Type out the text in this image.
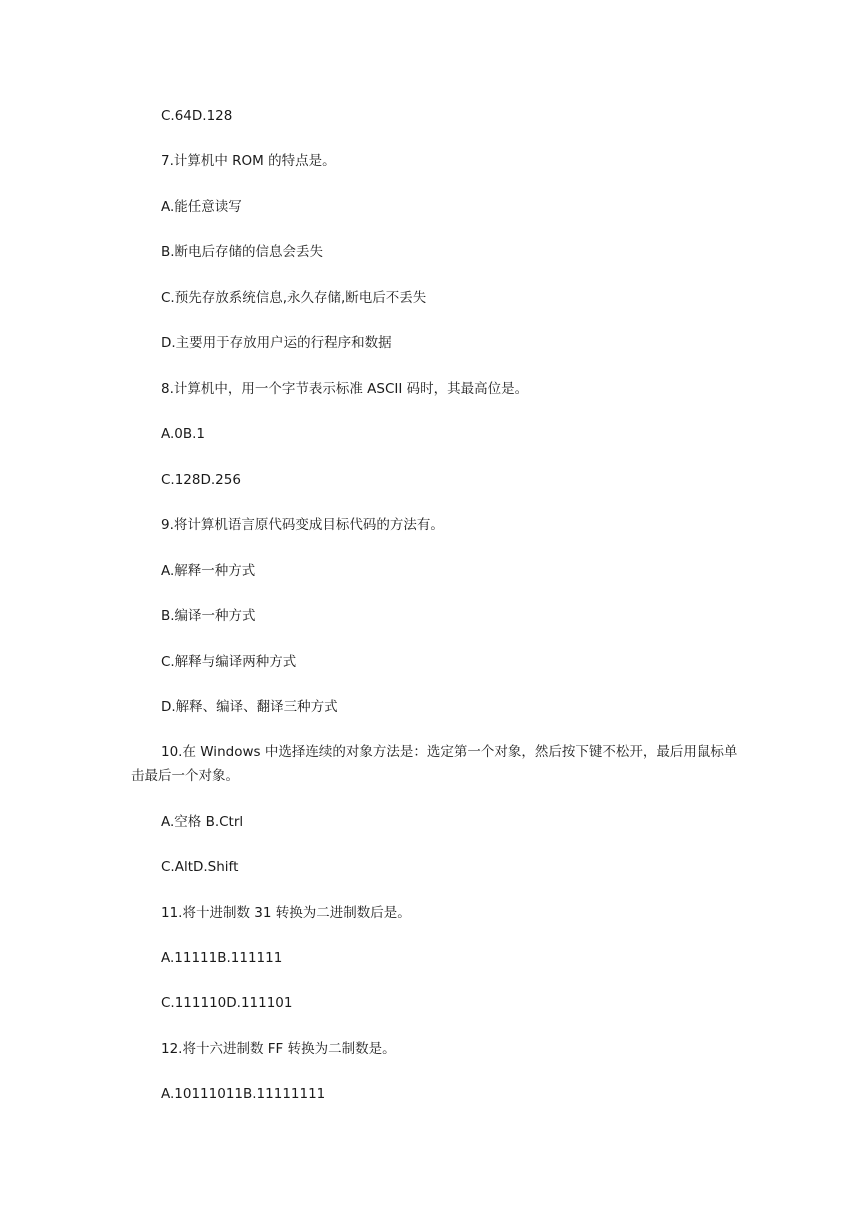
C.64D.128
7.计算机中 ROM 的特点是。
A.能任意读写
B.断电后存储的信息会丢失
C.预先存放系统信息,永久存储,断电后不丢失
D.主要用于存放用户运的行程序和数据
8.计算机中，用一个字节表示标准 ASCII 码时，其最高位是。
A.0B.1
C.128D.256
9.将计算机语言原代码变成目标代码的方法有。
A.解释一种方式
B.编译一种方式
C.解释与编译两种方式
D.解释、编译、翻译三种方式
10.在 Windows 中选择连续的对象方法是：选定第一个对象，然后按下键不松开，最后用鼠标单击最后一个对象。
A.空格 B.Ctrl
C.AltD.Shift
11.将十进制数 31 转换为二进制数后是。
A.11111B.111111
C.111110D.111101
12.将十六进制数 FF 转换为二制数是。
A.10111011B.11111111
